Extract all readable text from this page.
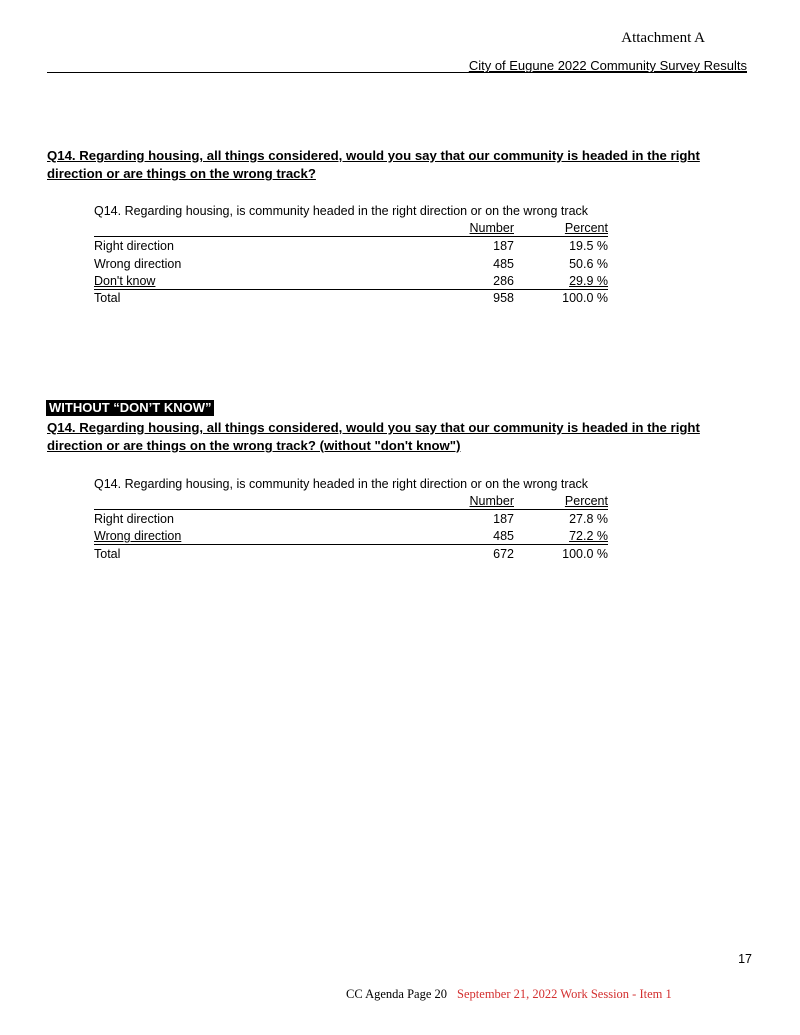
Attachment A
City of Eugune 2022 Community Survey Results
Q14. Regarding housing, all things considered, would you say that our community is headed in the right direction or are things on the wrong track?
Q14. Regarding housing, is community headed in the right direction or on the wrong track
Number	Percent
Right direction	187	19.5 %
Wrong direction	485	50.6 %
Don't know	286	29.9 %
Total	958	100.0 %
WITHOUT “DON’T KNOW”
Q14. Regarding housing, all things considered, would you say that our community is headed in the right direction or are things on the wrong track? (without "don't know")
Q14. Regarding housing, is community headed in the right direction or on the wrong track
Number	Percent
Right direction	187	27.8 %
Wrong direction	485	72.2 %
Total	672	100.0 %
17
CC Agenda Page 20 September 21, 2022 Work Session - Item 1
